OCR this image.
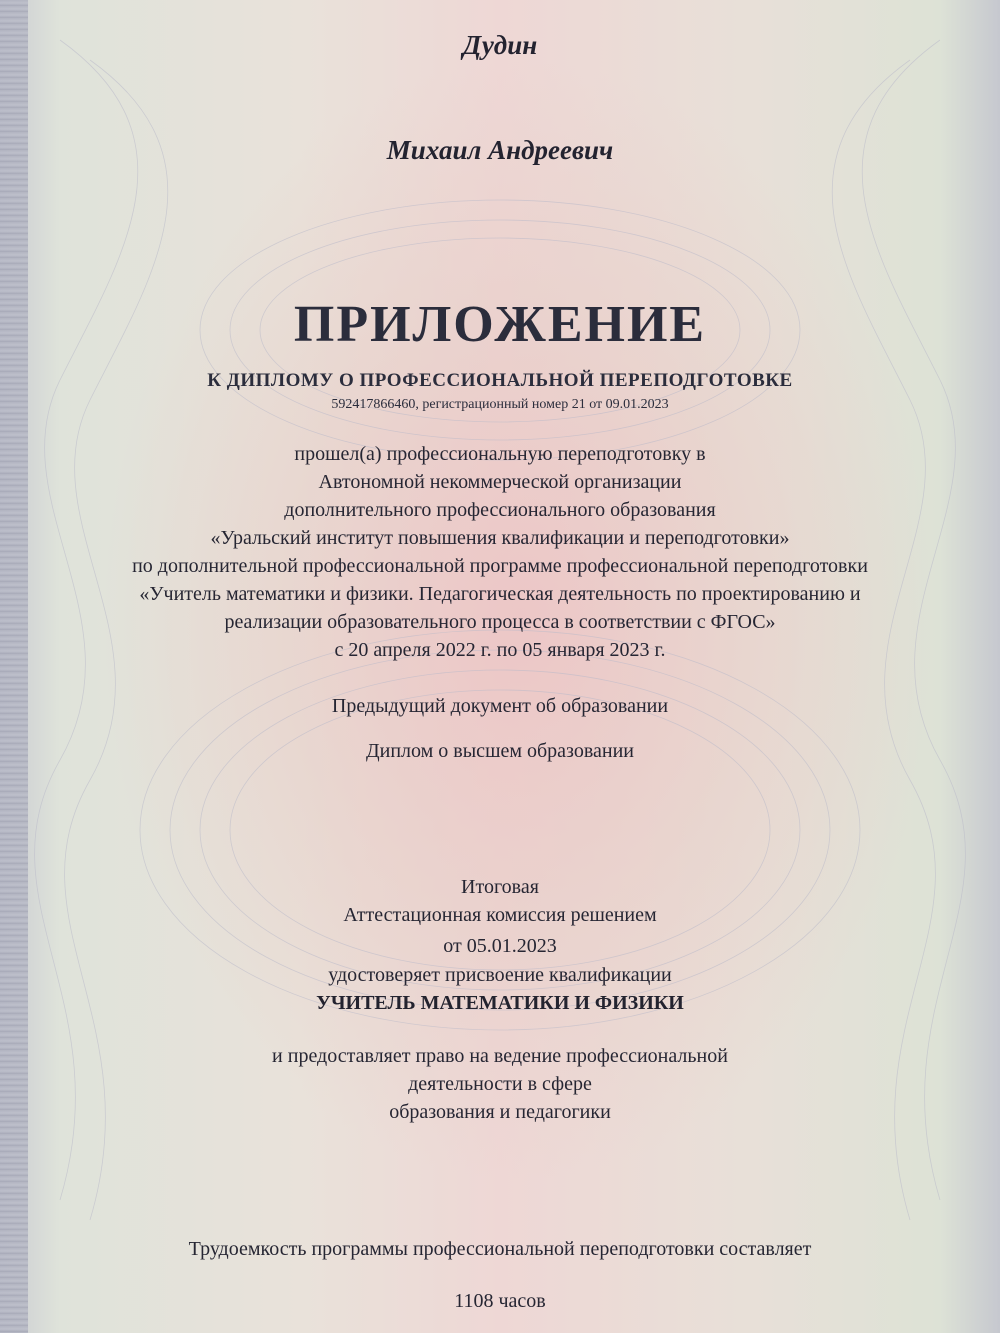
Дудин
Михаил Андреевич
ПРИЛОЖЕНИЕ
К ДИПЛОМУ О ПРОФЕССИОНАЛЬНОЙ ПЕРЕПОДГОТОВКЕ
592417866460, регистрационный номер 21 от 09.01.2023
прошел(а) профессиональную переподготовку в
Автономной некоммерческой организации
дополнительного профессионального образования
«Уральский институт повышения квалификации и переподготовки»
по дополнительной профессиональной программе профессиональной переподготовки
«Учитель математики и физики. Педагогическая деятельность по проектированию и
реализации образовательного процесса в соответствии с ФГОС»
с 20 апреля 2022 г. по 05 января 2023 г.
Предыдущий документ об образовании
Диплом о высшем образовании
Итоговая
Аттестационная комиссия решением
от 05.01.2023
удостоверяет присвоение квалификации
УЧИТЕЛЬ МАТЕМАТИКИ И ФИЗИКИ
и предоставляет право на ведение профессиональной
деятельности в сфере
образования и педагогики
Трудоемкость программы профессиональной переподготовки составляет
1108 часов
